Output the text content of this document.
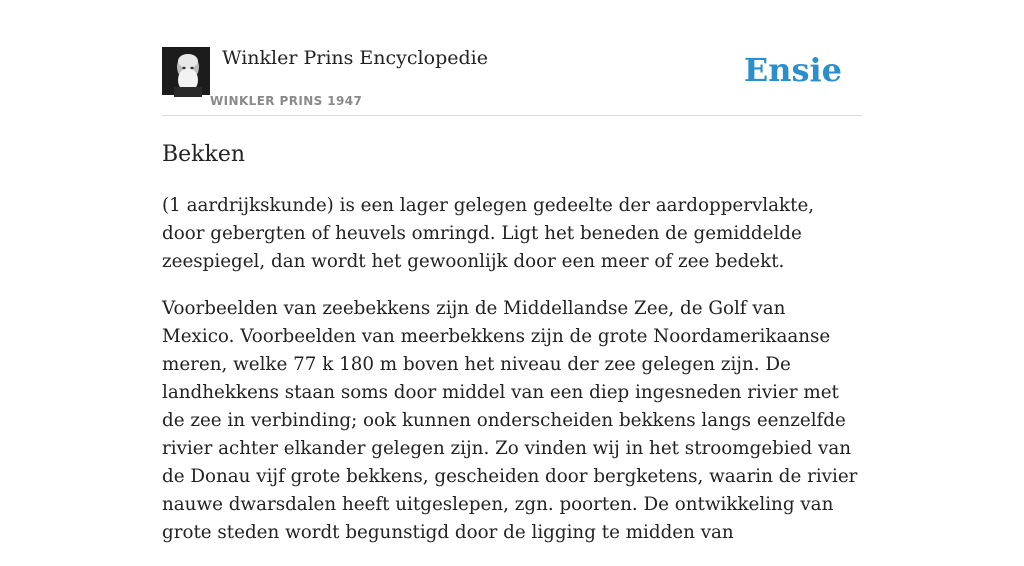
Winkler Prins Encyclopedie
WINKLER PRINS 1947
Ensie
Bekken

(1 aardrijkskunde) is een lager gelegen gedeelte der aardoppervlakte, door gebergten of heuvels omringd. Ligt het beneden de gemiddelde zeespiegel, dan wordt het gewoonlijk door een meer of zee bedekt.

Voorbeelden van zeebekkens zijn de Middellandse Zee, de Golf van Mexico. Voorbeelden van meerbekkens zijn de grote Noordamerikaanse meren, welke 77 k 180 m boven het niveau der zee gelegen zijn. De landhekkens staan soms door middel van een diep ingesneden rivier met de zee in verbinding; ook kunnen onderscheiden bekkens langs eenzelfde rivier achter elkander gelegen zijn. Zo vinden wij in het stroomgebied van de Donau vijf grote bekkens, gescheiden door bergketens, waarin de rivier nauwe dwarsdalen heeft uitgeslepen, zgn. poorten. De ontwikkeling van grote steden wordt begunstigd door de ligging te midden van
